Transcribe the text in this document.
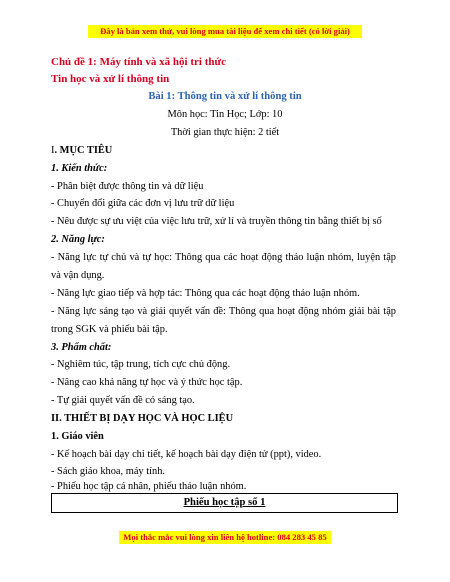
Đây là bản xem thử, vui lòng mua tài liệu để xem chi tiết (có lời giải)
Chủ đề 1: Máy tính và xã hội tri thức
Tin học và xử lí thông tin
Bài 1: Thông tin và xử lí thông tin
Môn học: Tin Học; Lớp: 10
Thời gian thực hiện: 2 tiết
I. MỤC TIÊU
1. Kiến thức:
- Phân biệt được thông tin và dữ liệu
- Chuyển đổi giữa các đơn vị lưu trữ dữ liệu
- Nêu được sự ưu việt của việc lưu trữ, xử lí và truyền thông tin bằng thiết bị số
2. Năng lực:
- Năng lực tự chủ và tự học: Thông qua các hoạt động thảo luận nhóm, luyện tập
và vận dụng.
- Năng lực giao tiếp và hợp tác: Thông qua các hoạt động thảo luận nhóm.
- Năng lực sáng tạo và giải quyết vấn đề: Thông qua hoạt động nhóm giải bài tập
trong SGK và phiếu bài tập.
3. Phẩm chất:
- Nghiêm túc, tập trung, tích cực chủ động.
- Nâng cao khả năng tự học và ý thức học tập.
- Tự giải quyết vấn đề có sáng tạo.
II. THIẾT BỊ DẠY HỌC VÀ HỌC LIỆU
1. Giáo viên
- Kế hoạch bài dạy chi tiết, kế hoạch bài dạy điện tử (ppt), video.
- Sách giáo khoa, máy tính.
- Phiếu học tập cá nhân, phiếu thảo luận nhóm.
Phiếu học tập số 1
Mọi thắc mắc vui lòng xin liên hệ hotline: 084 283 45 85
